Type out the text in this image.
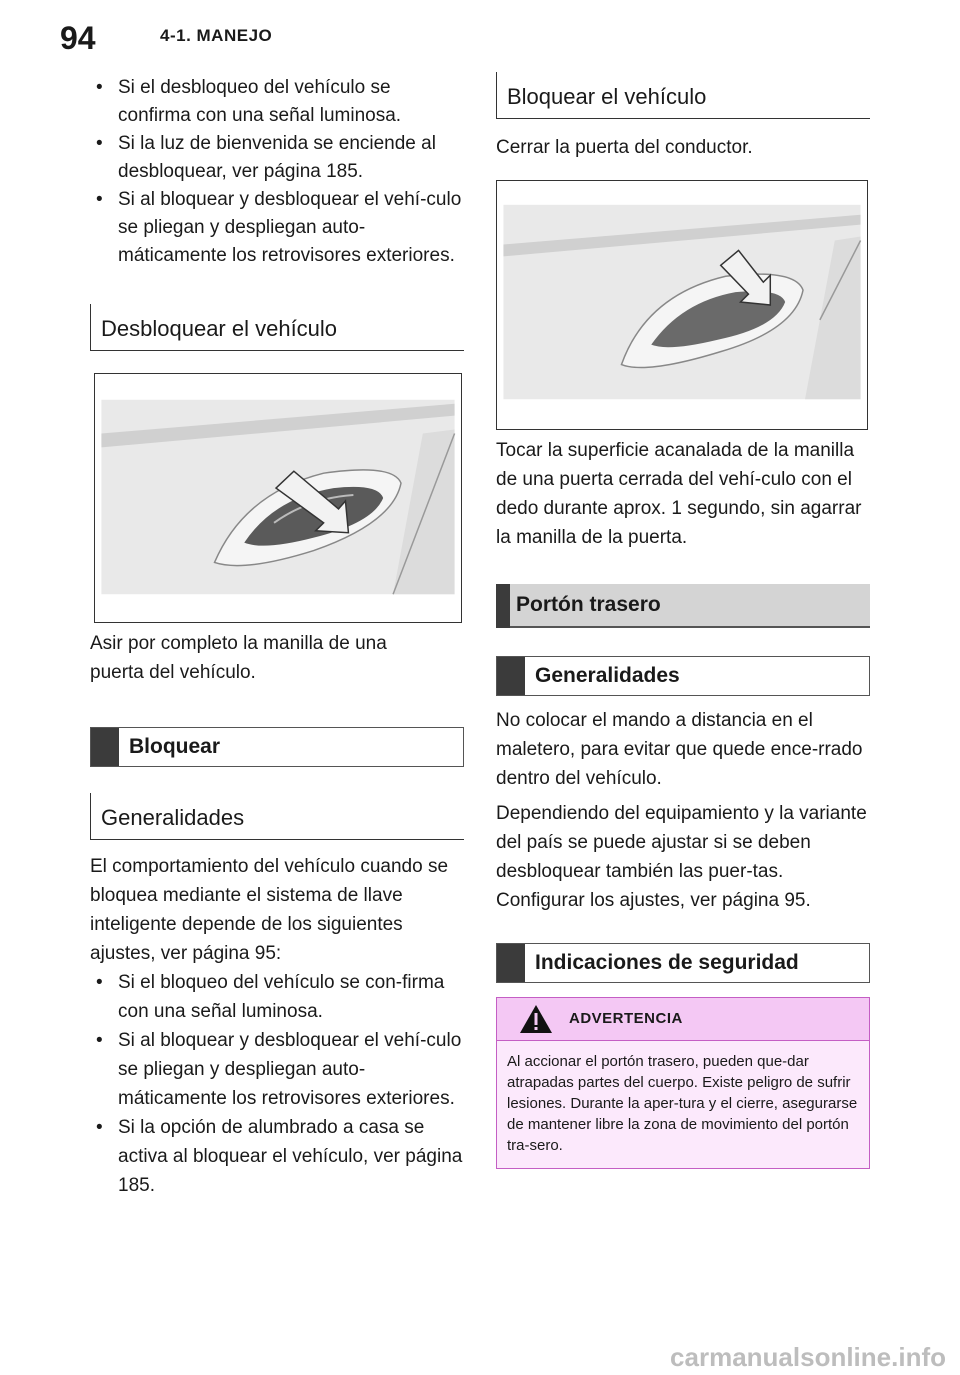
94	4-1. MANEJO
• Si el desbloqueo del vehículo se confirma con una señal luminosa.
• Si la luz de bienvenida se enciende al desbloquear, ver página 185.
• Si al bloquear y desbloquear el vehí-culo se pliegan y despliegan auto-máticamente los retrovisores exteriores.
Desbloquear el vehículo

Asir por completo la manilla de una puerta del vehículo.

Bloquear
Generalidades

El comportamiento del vehículo cuando se bloquea mediante el sistema de llave inteligente depende de los siguientes ajustes, ver página 95:

• Si el bloqueo del vehículo se con-firma con una señal luminosa.
• Si al bloquear y desbloquear el vehí-culo se pliegan y despliegan auto-máticamente los retrovisores exteriores.
• Si la opción de alumbrado a casa se activa al bloquear el vehículo, ver página 185.
Bloquear el vehículo

Cerrar la puerta del conductor.

Tocar la superficie acanalada de la manilla de una puerta cerrada del vehí-culo con el dedo durante aprox. 1 segundo, sin agarrar la manilla de la puerta.

Portón trasero
Generalidades

No colocar el mando a distancia en el maletero, para evitar que quede ence-rrado dentro del vehículo.

Dependiendo del equipamiento y la variante del país se puede ajustar si se deben desbloquear también las puer-tas. Configurar los ajustes, ver página 95.

Indicaciones de seguridad
ADVERTENCIA
Al accionar el portón trasero, pueden que-dar atrapadas partes del cuerpo. Existe peligro de sufrir lesiones. Durante la aper-tura y el cierre, asegurarse de mantener libre la zona de movimiento del portón tra-sero.
carmanualsonline.info
